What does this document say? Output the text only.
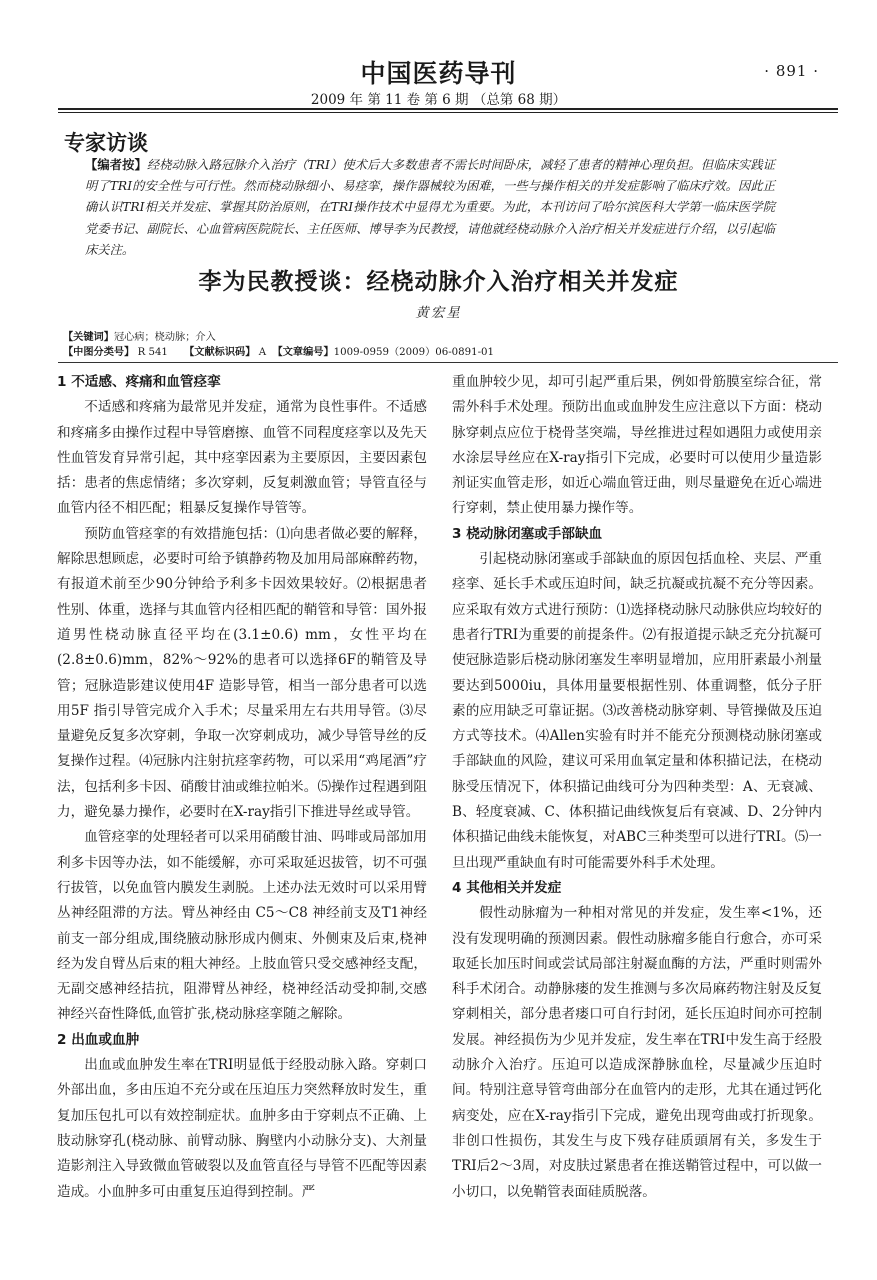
中国医药导刊	· 891 ·
2009 年 第 11 卷 第 6 期 （总第 68 期）
专家访谈
【编者按】经桡动脉入路冠脉介入治疗（TRI）使术后大多数患者不需长时间卧床，减轻了患者的精神心理负担。但临床实践证明了TRI的安全性与可行性。然而桡动脉细小、易痉挛，操作器械较为困难，一些与操作相关的并发症影响了临床疗效。因此正确认识TRI相关并发症、掌握其防治原则，在TRI操作技术中显得尤为重要。为此，本刊访问了哈尔滨医科大学第一临床医学院党委书记、副院长、心血管病医院院长、主任医师、博导李为民教授，请他就经桡动脉介入治疗相关并发症进行介绍，以引起临床关注。
李为民教授谈：经桡动脉介入治疗相关并发症
黄宏星
【关键词】冠心病；桡动脉；介入
【中图分类号】 R 541 【文献标识码】 A 【文章编号】1009-0959（2009）06-0891-01
1 不适感、疼痛和血管痉挛

不适感和疼痛为最常见并发症，通常为良性事件。不适感和疼痛多由操作过程中导管磨擦、血管不同程度痉挛以及先天性血管发育异常引起，其中痉挛因素为主要原因，主要因素包括：患者的焦虑情绪；多次穿刺，反复刺激血管；导管直径与血管内径不相匹配；粗暴反复操作导管等。

预防血管痉挛的有效措施包括：⑴向患者做必要的解释，解除思想顾虑，必要时可给予镇静药物及加用局部麻醉药物，有报道术前至少90分钟给予利多卡因效果较好。⑵根据患者性别、体重，选择与其血管内径相匹配的鞘管和导管：国外报道男性桡动脉直径平均在(3.1±0.6) mm，女性平均在(2.8±0.6)mm，82%～92%的患者可以选择6F的鞘管及导管；冠脉造影建议使用4F 造影导管，相当一部分患者可以选用5F 指引导管完成介入手术；尽量采用左右共用导管。⑶尽量避免反复多次穿刺，争取一次穿刺成功，减少导管导丝的反复操作过程。⑷冠脉内注射抗痉挛药物，可以采用“鸡尾酒”疗法，包括利多卡因、硝酸甘油或维拉帕米。⑸操作过程遇到阻力，避免暴力操作，必要时在X-ray指引下推进导丝或导管。

血管痉挛的处理轻者可以采用硝酸甘油、吗啡或局部加用利多卡因等办法，如不能缓解，亦可采取延迟拔管，切不可强行拔管，以免血管内膜发生剥脱。上述办法无效时可以采用臂丛神经阻滞的方法。臂丛神经由 C5～C8 神经前支及T1神经前支一部分组成,围绕腋动脉形成内侧束、外侧束及后束,桡神经为发自臂丛后束的粗大神经。上肢血管只受交感神经支配，无副交感神经拮抗，阻滞臂丛神经，桡神经活动受抑制,交感神经兴奋性降低,血管扩张,桡动脉痉挛随之解除。

2 出血或血肿

出血或血肿发生率在TRI明显低于经股动脉入路。穿刺口外部出血，多由压迫不充分或在压迫压力突然释放时发生，重复加压包扎可以有效控制症状。血肿多由于穿刺点不正确、上肢动脉穿孔(桡动脉、前臂动脉、胸壁内小动脉分支)、大剂量造影剂注入导致微血管破裂以及血管直径与导管不匹配等因素造成。小血肿多可由重复压迫得到控制。严

重血肿较少见，却可引起严重后果，例如骨筋膜室综合征，常需外科手术处理。预防出血或血肿发生应注意以下方面：桡动脉穿刺点应位于桡骨茎突端，导丝推进过程如遇阻力或使用亲水涂层导丝应在X-ray指引下完成，必要时可以使用少量造影剂证实血管走形，如近心端血管迂曲，则尽量避免在近心端进行穿刺，禁止使用暴力操作等。

3 桡动脉闭塞或手部缺血

引起桡动脉闭塞或手部缺血的原因包括血栓、夹层、严重痉挛、延长手术或压迫时间，缺乏抗凝或抗凝不充分等因素。应采取有效方式进行预防：⑴选择桡动脉尺动脉供应均较好的患者行TRI为重要的前提条件。⑵有报道提示缺乏充分抗凝可使冠脉造影后桡动脉闭塞发生率明显增加，应用肝素最小剂量要达到5000iu，具体用量要根据性别、体重调整，低分子肝素的应用缺乏可靠证据。⑶改善桡动脉穿刺、导管操做及压迫方式等技术。⑷Allen实验有时并不能充分预测桡动脉闭塞或手部缺血的风险，建议可采用血氧定量和体积描记法，在桡动脉受压情况下，体积描记曲线可分为四种类型：A、无衰减、B、轻度衰减、C、体积描记曲线恢复后有衰减、D、2分钟内体积描记曲线未能恢复，对ABC三种类型可以进行TRI。⑸一旦出现严重缺血有时可能需要外科手术处理。

4 其他相关并发症

假性动脉瘤为一种相对常见的并发症，发生率<1%，还没有发现明确的预测因素。假性动脉瘤多能自行愈合，亦可采取延长加压时间或尝试局部注射凝血酶的方法，严重时则需外科手术闭合。动静脉瘘的发生推测与多次局麻药物注射及反复穿刺相关，部分患者瘘口可自行封闭，延长压迫时间亦可控制发展。神经损伤为少见并发症，发生率在TRI中发生高于经股动脉介入治疗。压迫可以造成深静脉血栓，尽量减少压迫时间。特别注意导管弯曲部分在血管内的走形，尤其在通过钙化病变处，应在X-ray指引下完成，避免出现弯曲或打折现象。非创口性损伤，其发生与皮下残存硅质頭屑有关，多发生于TRI后2～3周，对皮肤过紧患者在推送鞘管过程中，可以做一小切口，以免鞘管表面硅质脱落。
